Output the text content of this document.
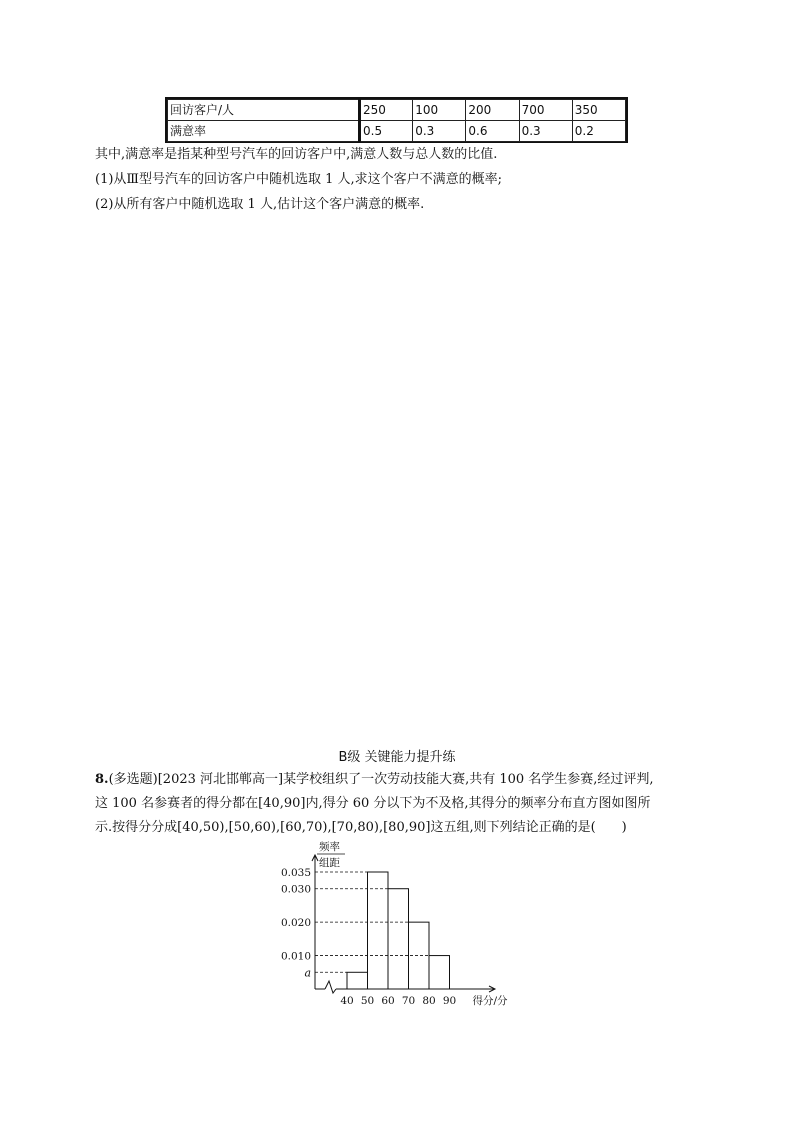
回访客户/人	250	100	200	700	350
满意率	0.5	0.3	0.6	0.3	0.2
其中,满意率是指某种型号汽车的回访客户中,满意人数与总人数的比值.
(1)从Ⅲ型号汽车的回访客户中随机选取 1 人,求这个客户不满意的概率;
(2)从所有客户中随机选取 1 人,估计这个客户满意的概率.
B级 关键能力提升练
8.(多选题)[2023 河北邯郸高一]某学校组织了一次劳动技能大赛,共有 100 名学生参赛,经过评判,
这 100 名参赛者的得分都在[40,90]内,得分 60 分以下为不及格,其得分的频率分布直方图如图所
示.按得分分成[40,50),[50,60),[60,70),[70,80),[80,90]这五组,则下列结论正确的是(　　)
0.035
0.030
0.020
0.010
a
40 50 60 70 80 90 得分/分
频率
组距
